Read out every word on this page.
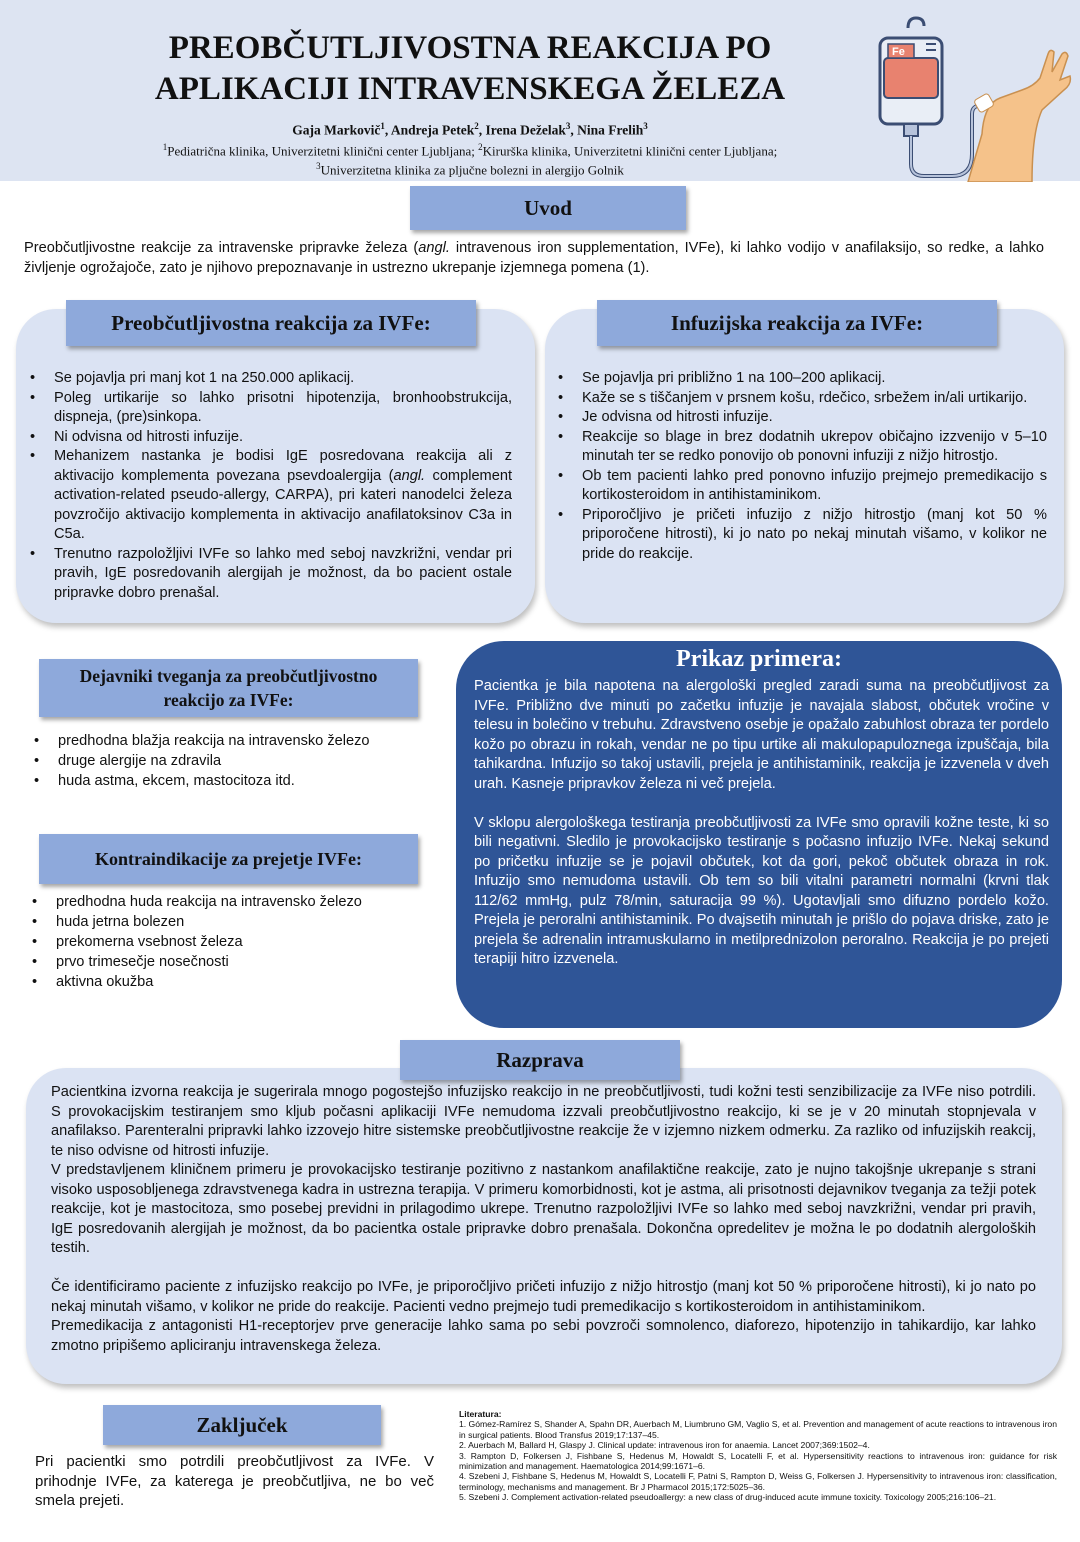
PREOBČUTLJIVOSTNA REAKCIJA PO
APLIKACIJI INTRAVENSKEGA ŽELEZA
Gaja Markovič$^1$, Andreja Petek$^2$, Irena Deželak$^3$, Nina Frelih$^3$
$^1$Pediatrična klinika, Univerzitetni klinični center Ljubljana; $^2$Kirurška klinika, Univerzitetni klinični center Ljubljana;
$^3$Univerzitetna klinika za pljučne bolezni in alergijo Golnik
Fe
Uvod
Preobčutljivostne reakcije za intravenske pripravke železa (angl. intravenous iron supplementation, IVFe), ki lahko vodijo v anafilaksijo, so redke, a lahko življenje ogrožajoče, zato je njihovo prepoznavanje in ustrezno ukrepanje izjemnega pomena (1).
Preobčutljivostna reakcija za IVFe:
• Se pojavlja pri manj kot 1 na 250.000 aplikacij.
• Poleg urtikarije so lahko prisotni hipotenzija, bronhoobstrukcija, dispneja, (pre)sinkopa.
• Ni odvisna od hitrosti infuzije.
• Mehanizem nastanka je bodisi IgE posredovana reakcija ali z aktivacijo komplementa povezana psevdoalergija (angl. complement activation-related pseudo-allergy, CARPA), pri kateri nanodelci železa povzročijo aktivacijo komplementa in aktivacijo anafilatoksinov C3a in C5a.
• Trenutno razpoložljivi IVFe so lahko med seboj navzkrižni, vendar pri pravih, IgE posredovanih alergijah je možnost, da bo pacient ostale pripravke dobro prenašal.
Infuzijska reakcija za IVFe:
• Se pojavlja pri približno 1 na 100–200 aplikacij.
• Kaže se s tiščanjem v prsnem košu, rdečico, srbežem in/ali urtikarijo.
• Je odvisna od hitrosti infuzije.
• Reakcije so blage in brez dodatnih ukrepov običajno izzvenijo v 5–10 minutah ter se redko ponovijo ob ponovni infuziji z nižjo hitrostjo.
• Ob tem pacienti lahko pred ponovno infuzijo prejmejo premedikacijo s kortikosteroidom in antihistaminikom.
• Priporočljivo je pričeti infuzijo z nižjo hitrostjo (manj kot 50 % priporočene hitrosti), ki jo nato po nekaj minutah višamo, v kolikor ne pride do reakcije.
Dejavniki tveganja za preobčutljivostno
reakcijo za IVFe:
• predhodna blažja reakcija na intravensko železo
• druge alergije na zdravila
• huda astma, ekcem, mastocitoza itd.
Kontraindikacije za prejetje IVFe:
• predhodna huda reakcija na intravensko železo
• huda jetrna bolezen
• prekomerna vsebnost železa
• prvo trimesečje nosečnosti
• aktivna okužba
Prikaz primera:
Pacientka je bila napotena na alergološki pregled zaradi suma na preobčutljivost za IVFe. Približno dve minuti po začetku infuzije je navajala slabost, občutek vročine v telesu in bolečino v trebuhu. Zdravstveno osebje je opažalo zabuhlost obraza ter pordelo kožo po obrazu in rokah, vendar ne po tipu urtike ali makulopapuloznega izpuščaja, bila tahikardna. Infuzijo so takoj ustavili, prejela je antihistaminik, reakcija je izzvenela v dveh urah. Kasneje pripravkov železa ni več prejela.
V sklopu alergološkega testiranja preobčutljivosti za IVFe smo opravili kožne teste, ki so bili negativni. Sledilo je provokacijsko testiranje s počasno infuzijo IVFe. Nekaj sekund po pričetku infuzije se je pojavil občutek, kot da gori, pekoč občutek obraza in rok. Infuzijo smo nemudoma ustavili. Ob tem so bili vitalni parametri normalni (krvni tlak 112/62 mmHg, pulz 78/min, saturacija 99 %). Ugotavljali smo difuzno pordelo kožo. Prejela je peroralni antihistaminik. Po dvajsetih minutah je prišlo do pojava driske, zato je prejela še adrenalin intramuskularno in metilprednizolon peroralno. Reakcija je po prejeti terapiji hitro izzvenela.
Razprava
Pacientkina izvorna reakcija je sugerirala mnogo pogostejšo infuzijsko reakcijo in ne preobčutljivosti, tudi kožni testi senzibilizacije za IVFe niso potrdili. S provokacijskim testiranjem smo kljub počasni aplikaciji IVFe nemudoma izzvali preobčutljivostno reakcijo, ki se je v 20 minutah stopnjevala v anafilakso. Parenteralni pripravki lahko izzovejo hitre sistemske preobčutljivostne reakcije že v izjemno nizkem odmerku. Za razliko od infuzijskih reakcij, te niso odvisne od hitrosti infuzije.
V predstavljenem kliničnem primeru je provokacijsko testiranje pozitivno z nastankom anafilaktične reakcije, zato je nujno takojšnje ukrepanje s strani visoko usposobljenega zdravstvenega kadra in ustrezna terapija. V primeru komorbidnosti, kot je astma, ali prisotnosti dejavnikov tveganja za težji potek reakcije, kot je mastocitoza, smo posebej previdni in prilagodimo ukrepe. Trenutno razpoložljivi IVFe so lahko med seboj navzkrižni, vendar pri pravih, IgE posredovanih alergijah je možnost, da bo pacientka ostale pripravke dobro prenašala. Dokončna opredelitev je možna le po dodatnih alergoloških testih.
Če identificiramo paciente z infuzijsko reakcijo po IVFe, je priporočljivo pričeti infuzijo z nižjo hitrostjo (manj kot 50 % priporočene hitrosti), ki jo nato po nekaj minutah višamo, v kolikor ne pride do reakcije. Pacienti vedno prejmejo tudi premedikacijo s kortikosteroidom in antihistaminikom.
Premedikacija z antagonisti H1-receptorjev prve generacije lahko sama po sebi povzroči somnolenco, diaforezo, hipotenzijo in tahikardijo, kar lahko zmotno pripišemo apliciranju intravenskega železa.
Zaključek
Pri pacientki smo potrdili preobčutljivost za IVFe. V prihodnje IVFe, za katerega je preobčutljiva, ne bo več smela prejeti.
Literatura:
1. Gómez-Ramírez S, Shander A, Spahn DR, Auerbach M, Liumbruno GM, Vaglio S, et al. Prevention and management of acute reactions to intravenous iron in surgical patients. Blood Transfus 2019;17:137–45.
2. Auerbach M, Ballard H, Glaspy J. Clinical update: intravenous iron for anaemia. Lancet 2007;369:1502–4.
3. Rampton D, Folkersen J, Fishbane S, Hedenus M, Howaldt S, Locatelli F, et al. Hypersensitivity reactions to intravenous iron: guidance for risk minimization and management. Haematologica 2014;99:1671–6.
4. Szebeni J, Fishbane S, Hedenus M, Howaldt S, Locatelli F, Patni S, Rampton D, Weiss G, Folkersen J. Hypersensitivity to intravenous iron: classification, terminology, mechanisms and management. Br J Pharmacol 2015;172:5025–36.
5. Szebeni J. Complement activation-related pseudoallergy: a new class of drug-induced acute immune toxicity. Toxicology 2005;216:106–21.
